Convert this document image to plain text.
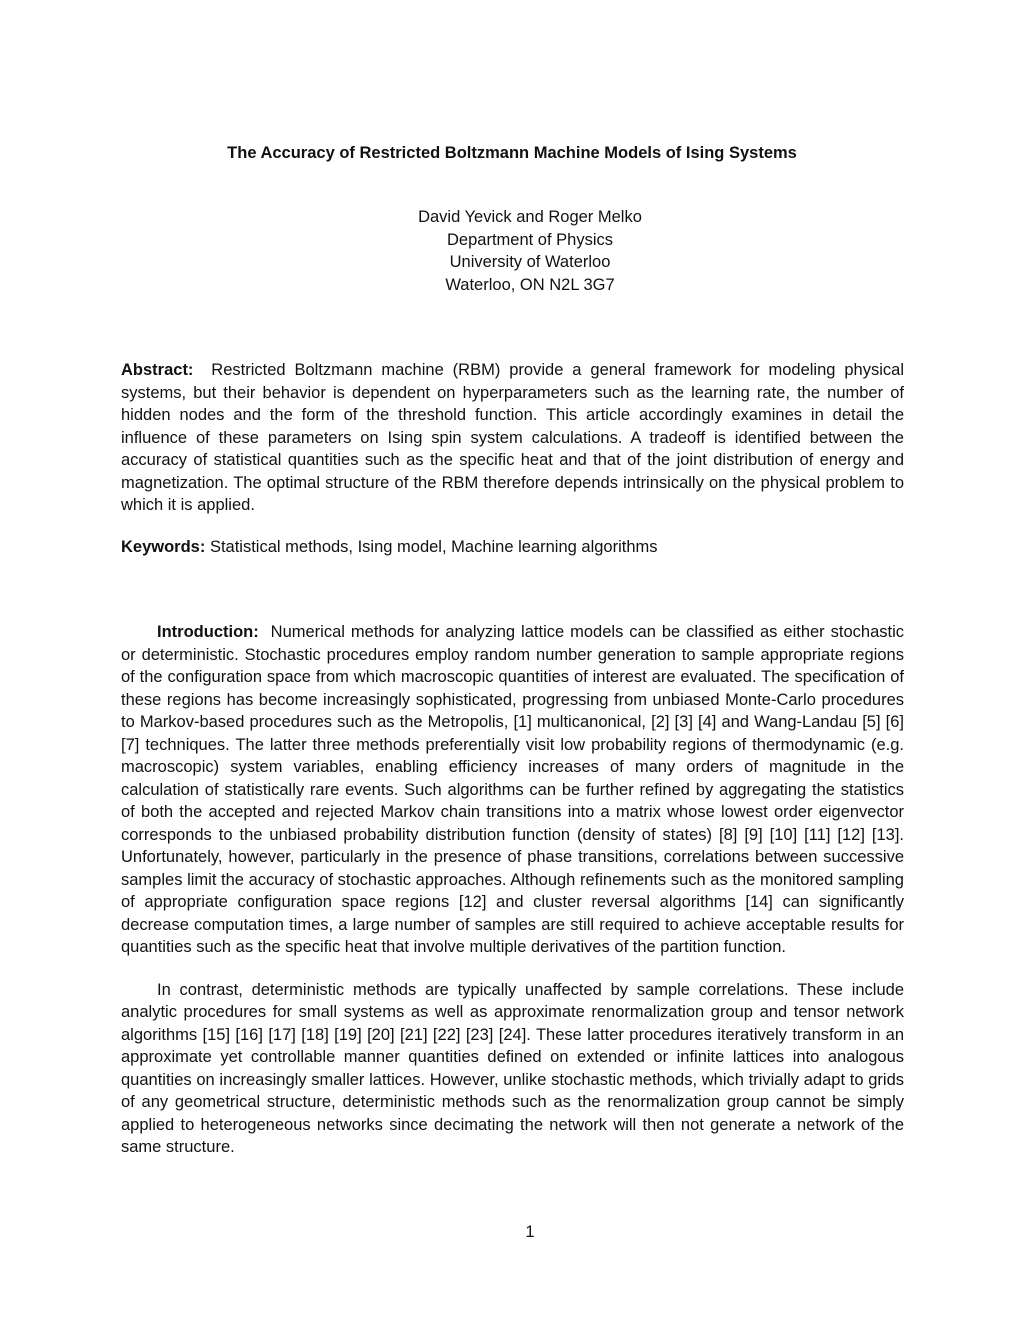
The Accuracy of Restricted Boltzmann Machine Models of Ising Systems
David Yevick and Roger Melko
Department of Physics
University of Waterloo
Waterloo, ON N2L 3G7

Abstract: Restricted Boltzmann machine (RBM) provide a general framework for modeling physical systems, but their behavior is dependent on hyperparameters such as the learning rate, the number of hidden nodes and the form of the threshold function. This article accordingly examines in detail the influence of these parameters on Ising spin system calculations. A tradeoff is identified between the accuracy of statistical quantities such as the specific heat and that of the joint distribution of energy and magnetization. The optimal structure of the RBM therefore depends intrinsically on the physical problem to which it is applied.

Keywords: Statistical methods, Ising model, Machine learning algorithms

Introduction: Numerical methods for analyzing lattice models can be classified as either stochastic or deterministic. Stochastic procedures employ random number generation to sample appropriate regions of the configuration space from which macroscopic quantities of interest are evaluated. The specification of these regions has become increasingly sophisticated, progressing from unbiased Monte-Carlo procedures to Markov-based procedures such as the Metropolis, [1] multicanonical, [2] [3] [4] and Wang-Landau [5] [6] [7] techniques. The latter three methods preferentially visit low probability regions of thermodynamic (e.g. macroscopic) system variables, enabling efficiency increases of many orders of magnitude in the calculation of statistically rare events. Such algorithms can be further refined by aggregating the statistics of both the accepted and rejected Markov chain transitions into a matrix whose lowest order eigenvector corresponds to the unbiased probability distribution function (density of states) [8] [9] [10] [11] [12] [13]. Unfortunately, however, particularly in the presence of phase transitions, correlations between successive samples limit the accuracy of stochastic approaches. Although refinements such as the monitored sampling of appropriate configuration space regions [12] and cluster reversal algorithms [14] can significantly decrease computation times, a large number of samples are still required to achieve acceptable results for quantities such as the specific heat that involve multiple derivatives of the partition function.

In contrast, deterministic methods are typically unaffected by sample correlations. These include analytic procedures for small systems as well as approximate renormalization group and tensor network algorithms [15] [16] [17] [18] [19] [20] [21] [22] [23] [24]. These latter procedures iteratively transform in an approximate yet controllable manner quantities defined on extended or infinite lattices into analogous quantities on increasingly smaller lattices. However, unlike stochastic methods, which trivially adapt to grids of any geometrical structure, deterministic methods such as the renormalization group cannot be simply applied to heterogeneous networks since decimating the network will then not generate a network of the same structure.

1
